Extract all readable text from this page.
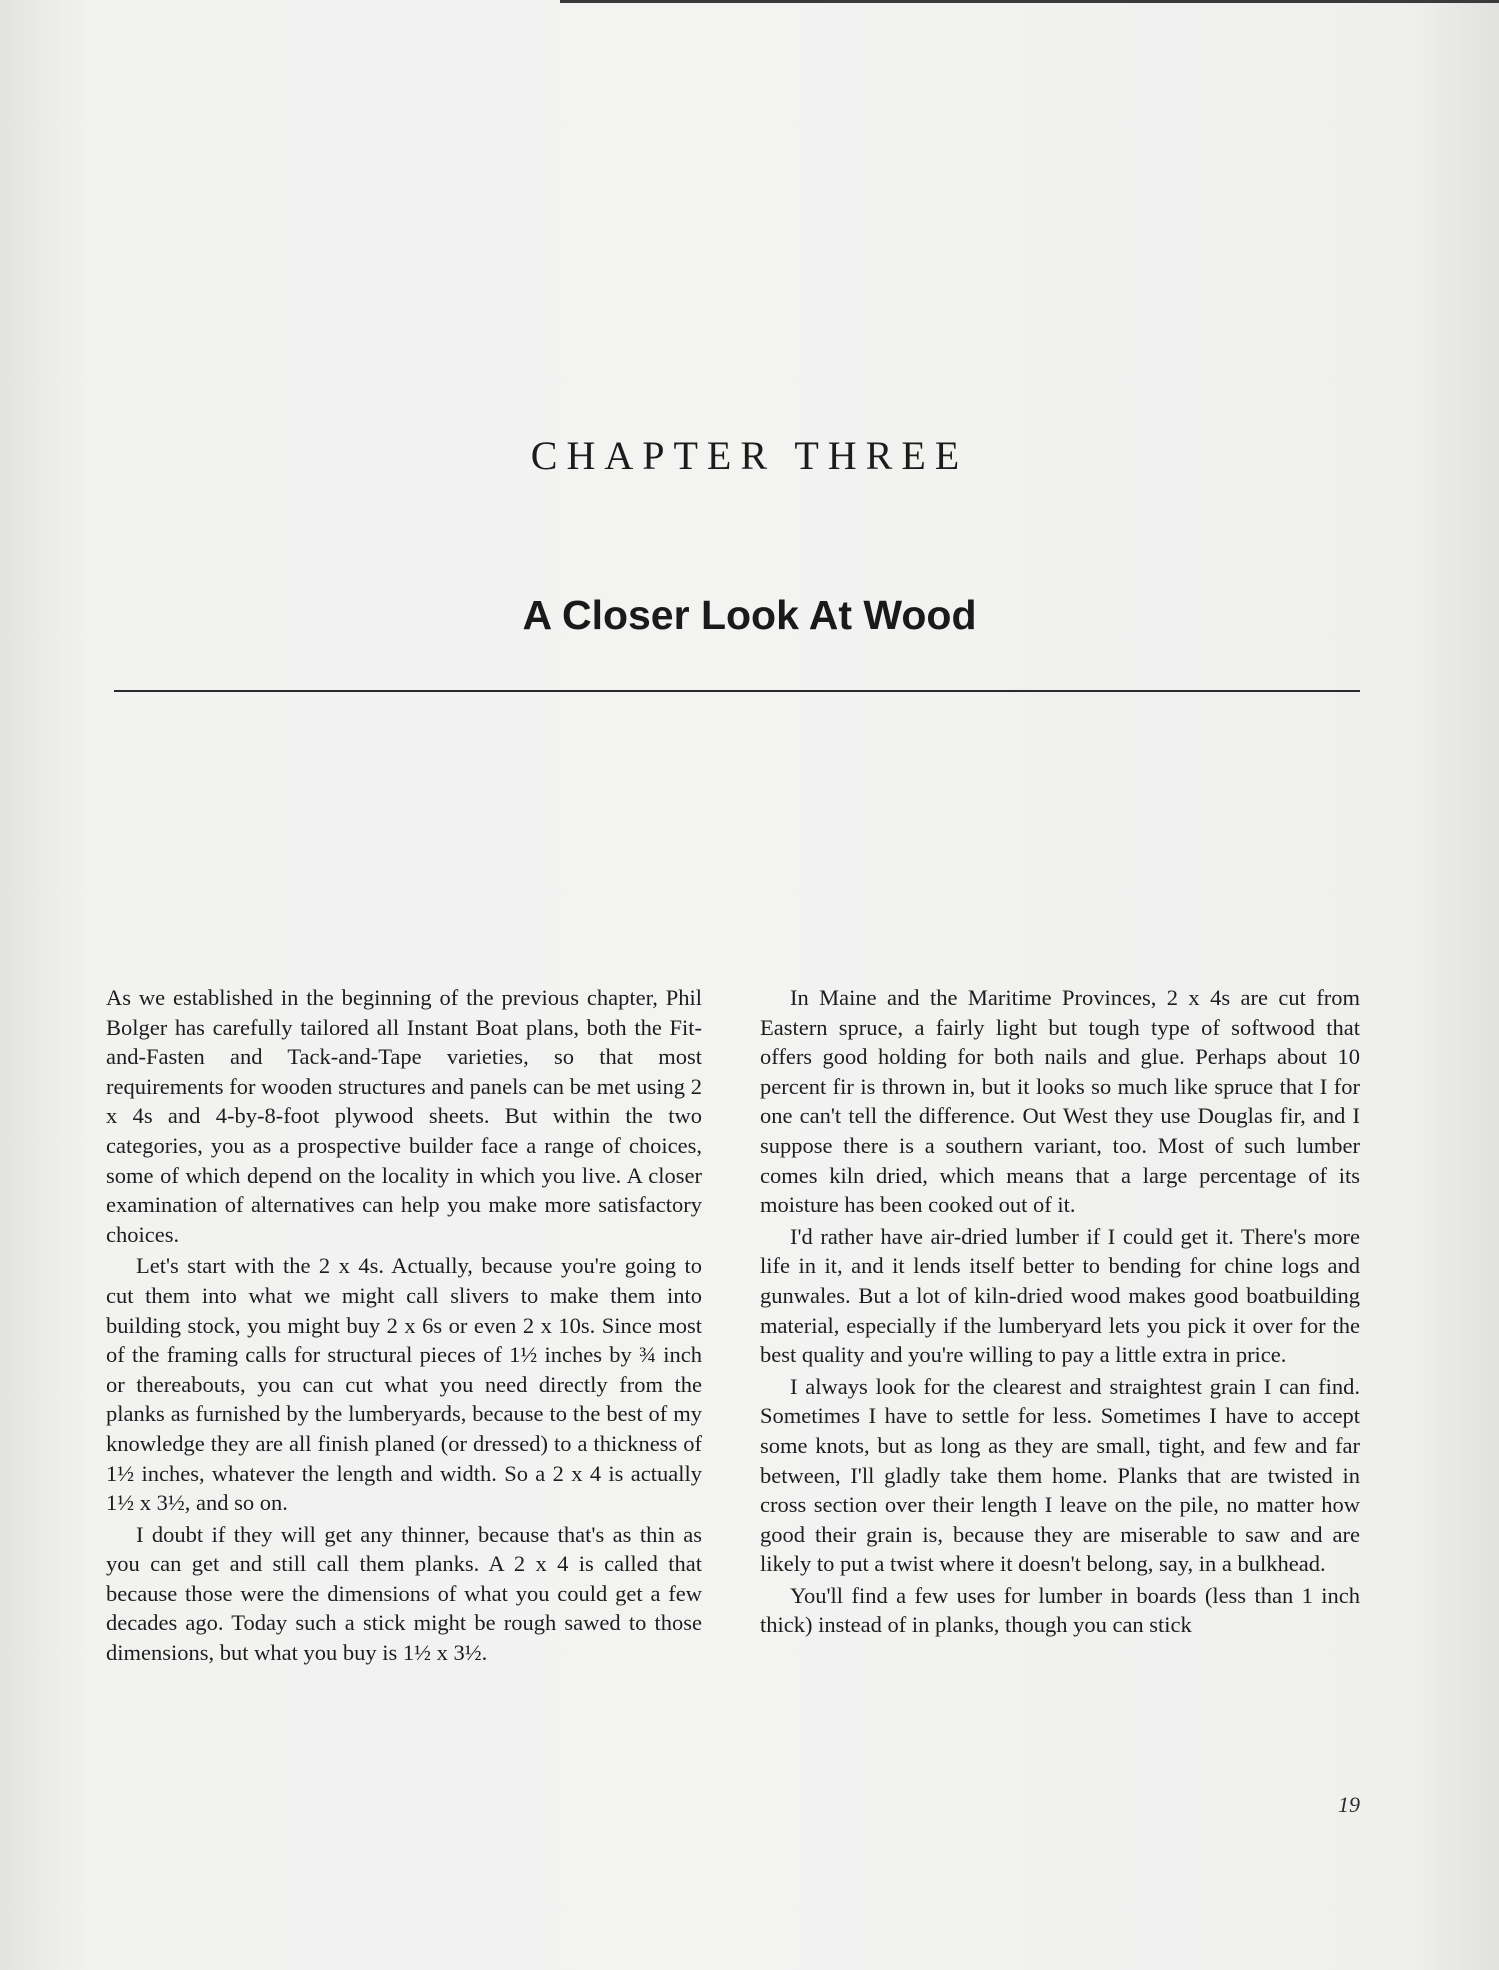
CHAPTER THREE
A Closer Look At Wood

As we established in the beginning of the previous chapter, Phil Bolger has carefully tailored all Instant Boat plans, both the Fit-and-Fasten and Tack-and-Tape varieties, so that most requirements for wooden structures and panels can be met using 2 x 4s and 4-by-8-foot plywood sheets. But within the two categories, you as a prospective builder face a range of choices, some of which depend on the locality in which you live. A closer examination of alternatives can help you make more satisfactory choices.

Let's start with the 2 x 4s. Actually, because you're going to cut them into what we might call slivers to make them into building stock, you might buy 2 x 6s or even 2 x 10s. Since most of the framing calls for structural pieces of 1½ inches by ¾ inch or thereabouts, you can cut what you need directly from the planks as furnished by the lumberyards, because to the best of my knowledge they are all finish planed (or dressed) to a thickness of 1½ inches, whatever the length and width. So a 2 x 4 is actually 1½ x 3½, and so on.

I doubt if they will get any thinner, because that's as thin as you can get and still call them planks. A 2 x 4 is called that because those were the dimensions of what you could get a few decades ago. Today such a stick might be rough sawed to those dimensions, but what you buy is 1½ x 3½.

In Maine and the Maritime Provinces, 2 x 4s are cut from Eastern spruce, a fairly light but tough type of softwood that offers good holding for both nails and glue. Perhaps about 10 percent fir is thrown in, but it looks so much like spruce that I for one can't tell the difference. Out West they use Douglas fir, and I suppose there is a southern variant, too. Most of such lumber comes kiln dried, which means that a large percentage of its moisture has been cooked out of it.

I'd rather have air-dried lumber if I could get it. There's more life in it, and it lends itself better to bending for chine logs and gunwales. But a lot of kiln-dried wood makes good boatbuilding material, especially if the lumberyard lets you pick it over for the best quality and you're willing to pay a little extra in price.

I always look for the clearest and straightest grain I can find. Sometimes I have to settle for less. Sometimes I have to accept some knots, but as long as they are small, tight, and few and far between, I'll gladly take them home. Planks that are twisted in cross section over their length I leave on the pile, no matter how good their grain is, because they are miserable to saw and are likely to put a twist where it doesn't belong, say, in a bulkhead.

You'll find a few uses for lumber in boards (less than 1 inch thick) instead of in planks, though you can stick

19
